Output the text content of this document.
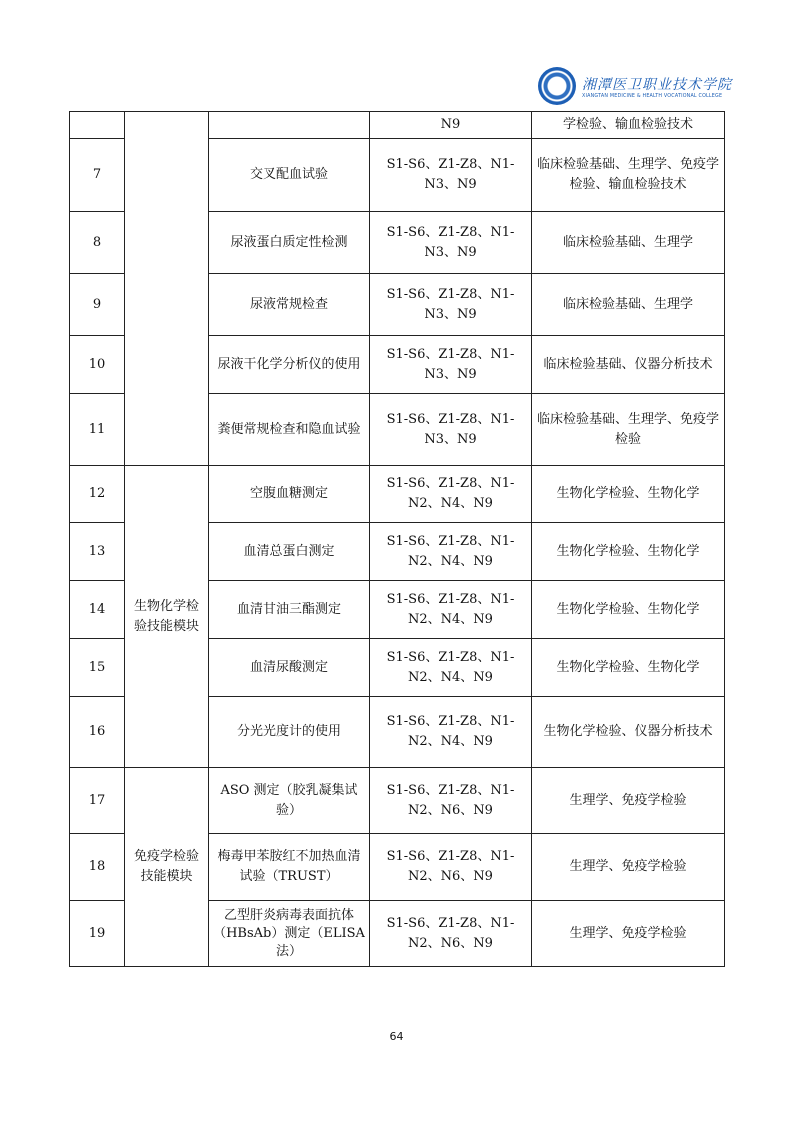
湘潭医卫职业技术学院
XIANGTAN MEDICINE & HEALTH VOCATIONAL COLLEGE
			N9	学检验、输血检验技术
7		交叉配血试验	S1-S6、Z1-Z8、N1-N3、N9	临床检验基础、生理学、免疫学检验、输血检验技术
8		尿液蛋白质定性检测	S1-S6、Z1-Z8、N1-N3、N9	临床检验基础、生理学
9		尿液常规检查	S1-S6、Z1-Z8、N1-N3、N9	临床检验基础、生理学
10		尿液干化学分析仪的使用	S1-S6、Z1-Z8、N1-N3、N9	临床检验基础、仪器分析技术
11		粪便常规检查和隐血试验	S1-S6、Z1-Z8、N1-N3、N9	临床检验基础、生理学、免疫学检验
12	生物化学检验技能模块	空腹血糖测定	S1-S6、Z1-Z8、N1-N2、N4、N9	生物化学检验、生物化学
13		血清总蛋白测定	S1-S6、Z1-Z8、N1-N2、N4、N9	生物化学检验、生物化学
14		血清甘油三酯测定	S1-S6、Z1-Z8、N1-N2、N4、N9	生物化学检验、生物化学
15		血清尿酸测定	S1-S6、Z1-Z8、N1-N2、N4、N9	生物化学检验、生物化学
16		分光光度计的使用	S1-S6、Z1-Z8、N1-N2、N4、N9	生物化学检验、仪器分析技术
17	免疫学检验技能模块	ASO 测定（胶乳凝集试验）	S1-S6、Z1-Z8、N1-N2、N6、N9	生理学、免疫学检验
18		梅毒甲苯胺红不加热血清试验（TRUST）	S1-S6、Z1-Z8、N1-N2、N6、N9	生理学、免疫学检验
19		乙型肝炎病毒表面抗体（HBsAb）测定（ELISA 法）	S1-S6、Z1-Z8、N1-N2、N6、N9	生理学、免疫学检验
64
